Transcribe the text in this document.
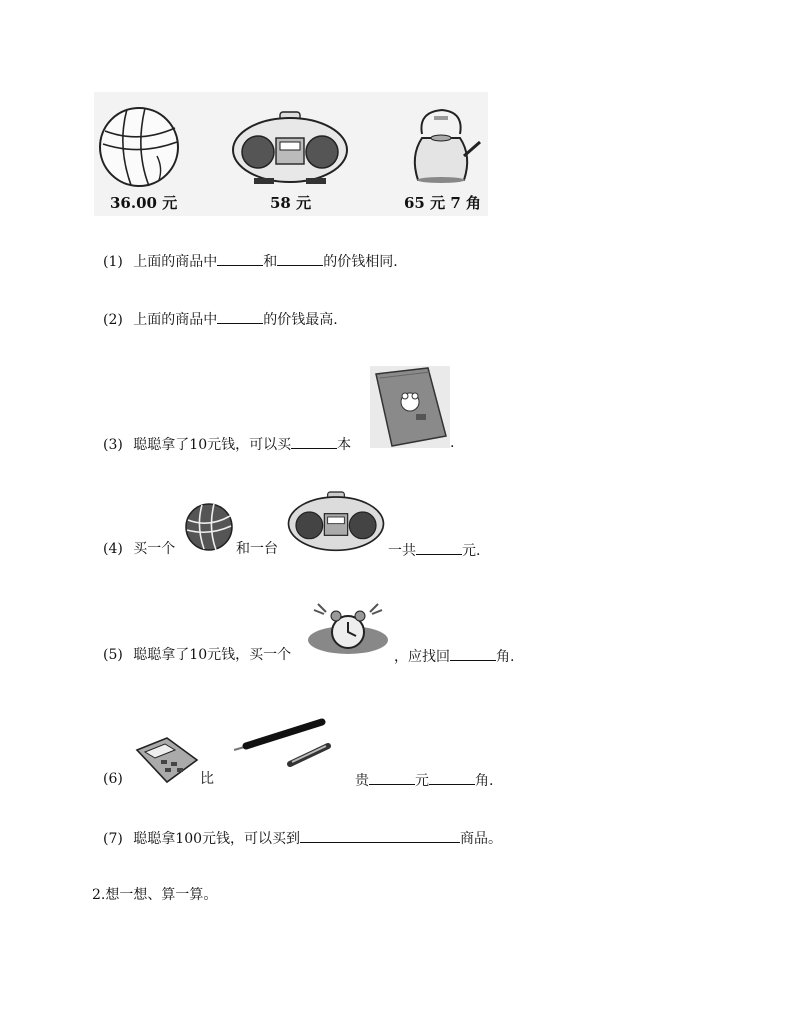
36.00 元	58 元	65 元 7 角
(1) 上面的商品中	和	的价钱相同.
(2) 上面的商品中	的价钱最高.
(3) 聪聪拿了10元钱，可以买	本	.
(4) 买一个	和一台	一共	元.
(5) 聪聪拿了10元钱，买一个	，应找回	角.
(6)	比	贵	元	角.
(7) 聪聪拿100元钱，可以买到	商品。
2.想一想、算一算。
